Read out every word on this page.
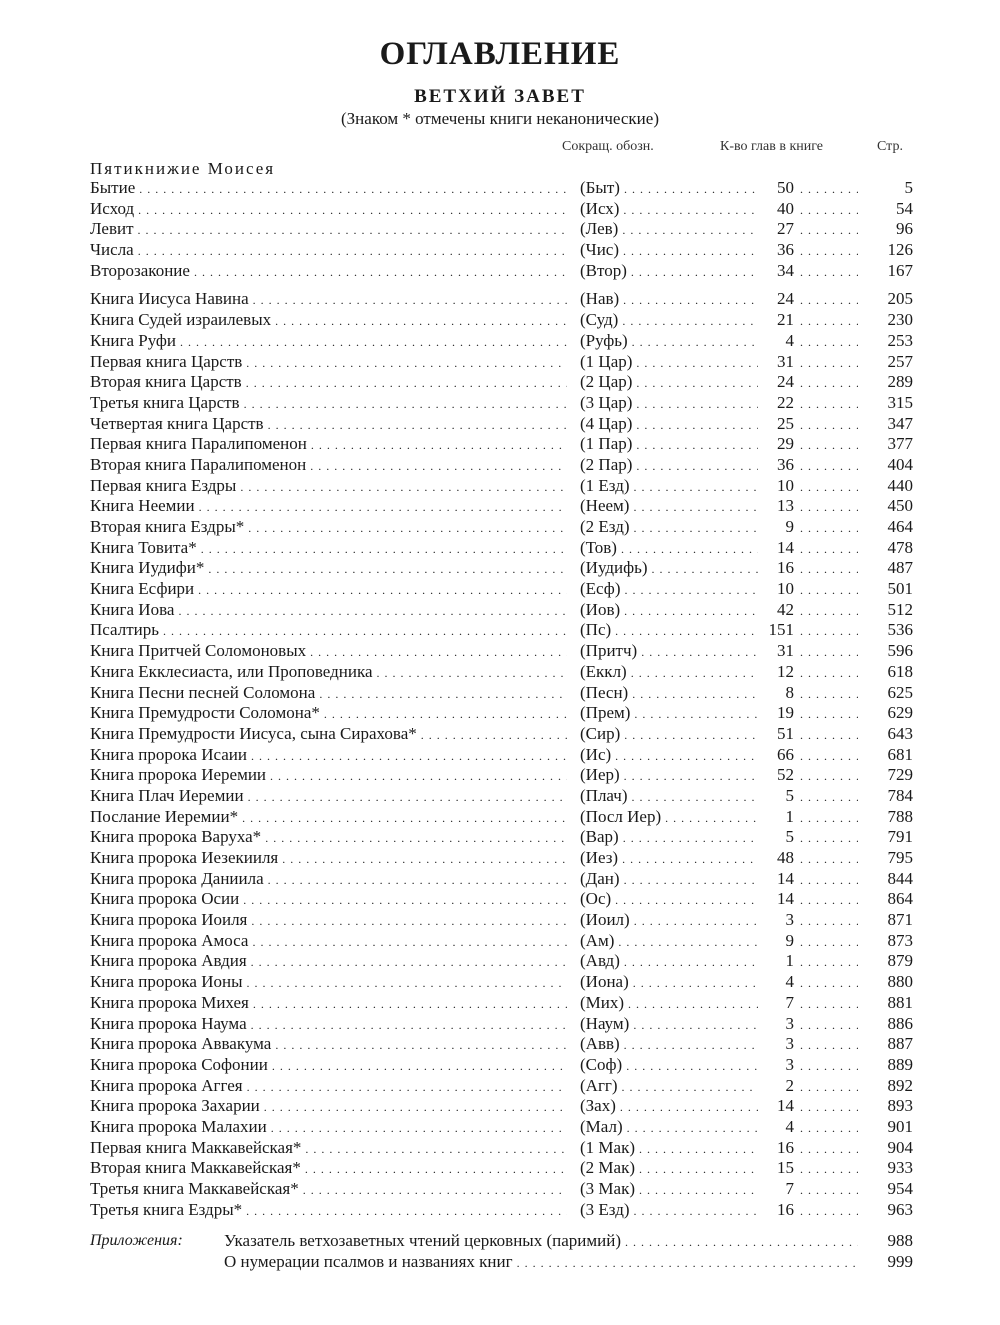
ОГЛАВЛЕНИЕ
ВЕТХИЙ ЗАВЕТ
(Знаком * отмечены книги неканонические)
Сокращ. обозн.	К-во глав в книге	Стр.
Пятикнижие Моисея
Бытие . . .	(Быт) . . .	50 . . .	5
Исход . . .	(Исх) . . .	40 . . .	54
Левит . . .	(Лев) . . .	27 . . .	96
Числа . . .	(Чис) . . .	36 . . .	126
Второзаконие . . .	(Втор) . . .	34 . . .	167
Книга Иисуса Навина . . .	(Нав) . . .	24 . . .	205
Книга Судей израилевых . . .	(Суд) . . .	21 . . .	230
Книга Руфи . . .	(Руфь) . . .	4 . . .	253
Первая книга Царств . . .	(1 Цар) . . .	31 . . .	257
Вторая книга Царств . . .	(2 Цар) . . .	24 . . .	289
Третья книга Царств . . .	(3 Цар) . . .	22 . . .	315
Четвертая книга Царств . . .	(4 Цар) . . .	25 . . .	347
Первая книга Паралипоменон . . .	(1 Пар) . . .	29 . . .	377
Вторая книга Паралипоменон . . .	(2 Пар) . . .	36 . . .	404
Первая книга Ездры . . .	(1 Езд) . . .	10 . . .	440
Книга Неемии . . .	(Неем) . . .	13 . . .	450
Вторая книга Ездры* . . .	(2 Езд) . . .	9 . . .	464
Книга Товита* . . .	(Тов) . . .	14 . . .	478
Книга Иудифи* . . .	(Иудифь) . . .	16 . . .	487
Книга Есфири . . .	(Есф) . . .	10 . . .	501
Книга Иова . . .	(Иов) . . .	42 . . .	512
Псалтирь . . .	(Пс) . . .	151 . . .	536
Книга Притчей Соломоновых . . .	(Притч) . . .	31 . . .	596
Книга Екклесиаста, или Проповедника . . .	(Еккл) . . .	12 . . .	618
Книга Песни песней Соломона . . .	(Песн) . . .	8 . . .	625
Книга Премудрости Соломона* . . .	(Прем) . . .	19 . . .	629
Книга Премудрости Иисуса, сына Сирахова* . . .	(Сир) . . .	51 . . .	643
Книга пророка Исаии . . .	(Ис) . . .	66 . . .	681
Книга пророка Иеремии . . .	(Иер) . . .	52 . . .	729
Книга Плач Иеремии . . .	(Плач) . . .	5 . . .	784
Послание Иеремии* . . .	(Посл Иер) . . .	1 . . .	788
Книга пророка Варуха* . . .	(Вар) . . .	5 . . .	791
Книга пророка Иезекииля . . .	(Иез) . . .	48 . . .	795
Книга пророка Даниила . . .	(Дан) . . .	14 . . .	844
Книга пророка Осии . . .	(Ос) . . .	14 . . .	864
Книга пророка Иоиля . . .	(Иоил) . . .	3 . . .	871
Книга пророка Амоса . . .	(Ам) . . .	9 . . .	873
Книга пророка Авдия . . .	(Авд) . . .	1 . . .	879
Книга пророка Ионы . . .	(Иона) . . .	4 . . .	880
Книга пророка Михея . . .	(Мих) . . .	7 . . .	881
Книга пророка Наума . . .	(Наум) . . .	3 . . .	886
Книга пророка Аввакума . . .	(Авв) . . .	3 . . .	887
Книга пророка Софонии . . .	(Соф) . . .	3 . . .	889
Книга пророка Аггея . . .	(Агг) . . .	2 . . .	892
Книга пророка Захарии . . .	(Зах) . . .	14 . . .	893
Книга пророка Малахии . . .	(Мал) . . .	4 . . .	901
Первая книга Маккавейская* . . .	(1 Мак) . . .	16 . . .	904
Вторая книга Маккавейская* . . .	(2 Мак) . . .	15 . . .	933
Третья книга Маккавейская* . . .	(3 Мак) . . .	7 . . .	954
Третья книга Ездры* . . .	(3 Езд) . . .	16 . . .	963
Приложения: Указатель ветхозаветных чтений церковных (паримий) . . .	988
О нумерации псалмов и названиях книг . . .	999
